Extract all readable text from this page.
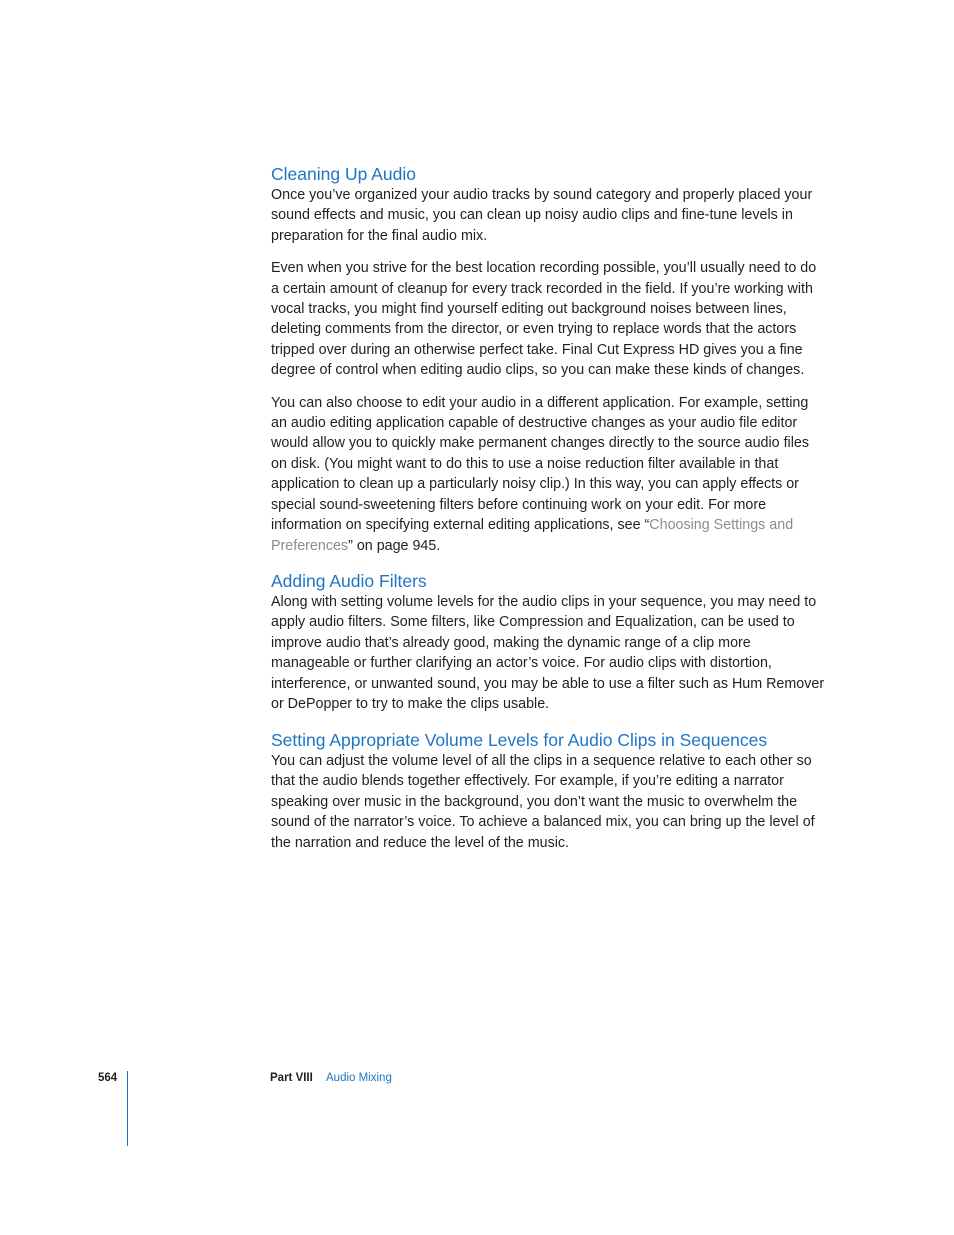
Cleaning Up Audio

Once you’ve organized your audio tracks by sound category and properly placed your sound effects and music, you can clean up noisy audio clips and fine-tune levels in preparation for the final audio mix.

Even when you strive for the best location recording possible, you’ll usually need to do a certain amount of cleanup for every track recorded in the field. If you’re working with vocal tracks, you might find yourself editing out background noises between lines, deleting comments from the director, or even trying to replace words that the actors tripped over during an otherwise perfect take. Final Cut Express HD gives you a fine degree of control when editing audio clips, so you can make these kinds of changes.

You can also choose to edit your audio in a different application. For example, setting an audio editing application capable of destructive changes as your audio file editor would allow you to quickly make permanent changes directly to the source audio files on disk. (You might want to do this to use a noise reduction filter available in that application to clean up a particularly noisy clip.) In this way, you can apply effects or special sound-sweetening filters before continuing work on your edit. For more information on specifying external editing applications, see “Choosing Settings and Preferences” on page 945.

Adding Audio Filters

Along with setting volume levels for the audio clips in your sequence, you may need to apply audio filters. Some filters, like Compression and Equalization, can be used to improve audio that’s already good, making the dynamic range of a clip more manageable or further clarifying an actor’s voice. For audio clips with distortion, interference, or unwanted sound, you may be able to use a filter such as Hum Remover or DePopper to try to make the clips usable.

Setting Appropriate Volume Levels for Audio Clips in Sequences

You can adjust the volume level of all the clips in a sequence relative to each other so that the audio blends together effectively. For example, if you’re editing a narrator speaking over music in the background, you don’t want the music to overwhelm the sound of the narrator’s voice. To achieve a balanced mix, you can bring up the level of the narration and reduce the level of the music.

564	Part VIII Audio Mixing
